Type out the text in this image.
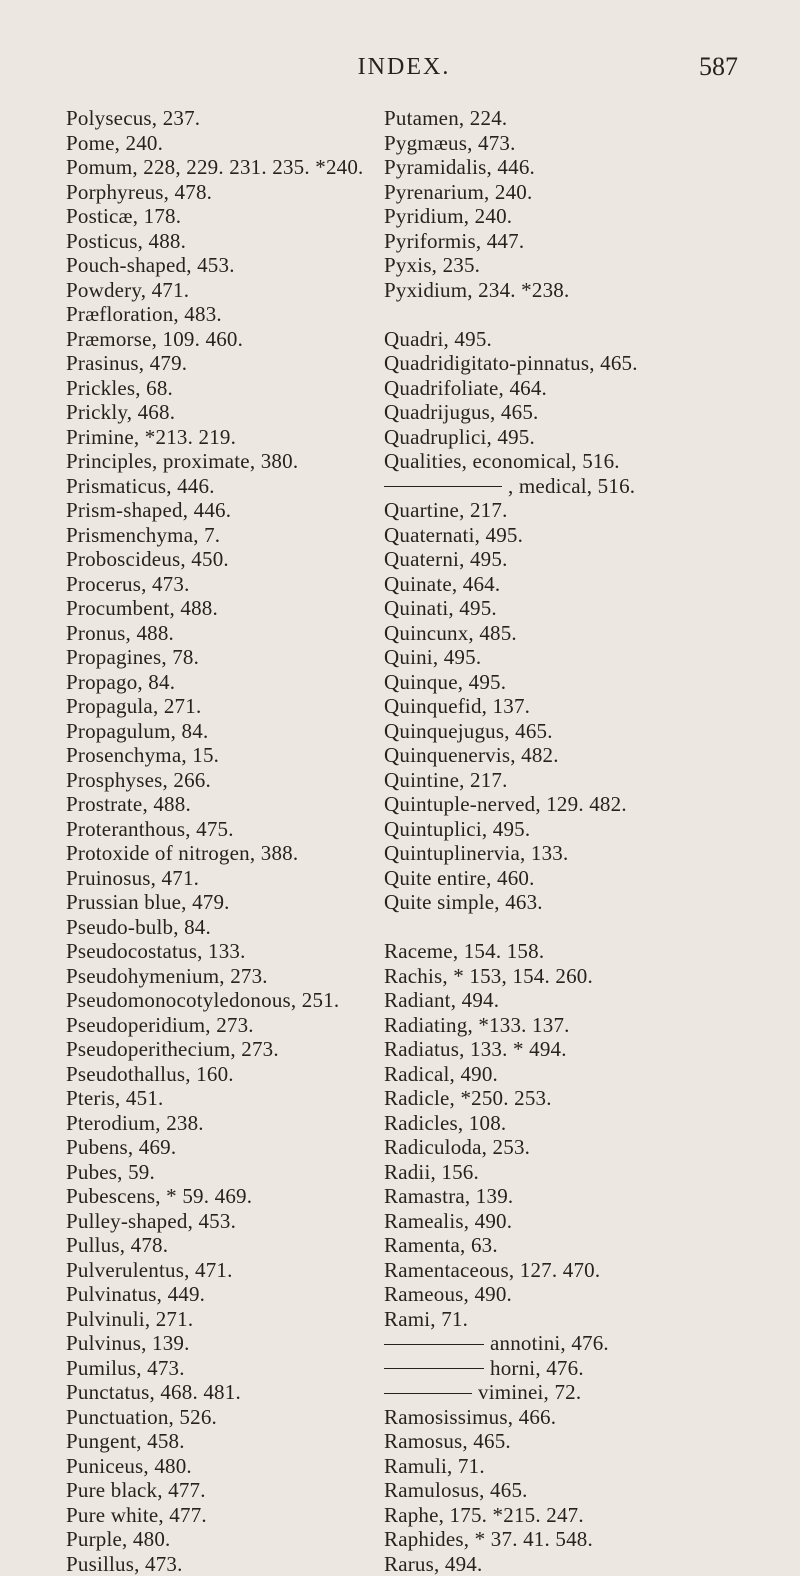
INDEX.	587
Polysecus, 237.
Pome, 240.
Pomum, 228, 229. 231. 235. *240.
Porphyreus, 478.
Posticæ, 178.
Posticus, 488.
Pouch-shaped, 453.
Powdery, 471.
Præfloration, 483.
Præmorse, 109. 460.
Prasinus, 479.
Prickles, 68.
Prickly, 468.
Primine, *213. 219.
Principles, proximate, 380.
Prismaticus, 446.
Prism-shaped, 446.
Prismenchyma, 7.
Proboscideus, 450.
Procerus, 473.
Procumbent, 488.
Pronus, 488.
Propagines, 78.
Propago, 84.
Propagula, 271.
Propagulum, 84.
Prosenchyma, 15.
Prosphyses, 266.
Prostrate, 488.
Proteranthous, 475.
Protoxide of nitrogen, 388.
Pruinosus, 471.
Prussian blue, 479.
Pseudo-bulb, 84.
Pseudocostatus, 133.
Pseudohymenium, 273.
Pseudomonocotyledonous, 251.
Pseudoperidium, 273.
Pseudoperithecium, 273.
Pseudothallus, 160.
Pteris, 451.
Pterodium, 238.
Pubens, 469.
Pubes, 59.
Pubescens, * 59. 469.
Pulley-shaped, 453.
Pullus, 478.
Pulverulentus, 471.
Pulvinatus, 449.
Pulvinuli, 271.
Pulvinus, 139.
Pumilus, 473.
Punctatus, 468. 481.
Punctuation, 526.
Pungent, 458.
Puniceus, 480.
Pure black, 477.
Pure white, 477.
Purple, 480.
Pusillus, 473.
Putamen, 224.
Pygmæus, 473.
Pyramidalis, 446.
Pyrenarium, 240.
Pyridium, 240.
Pyriformis, 447.
Pyxis, 235.
Pyxidium, 234. *238.
Quadri, 495.
Quadridigitato-pinnatus, 465.
Quadrifoliate, 464.
Quadrijugus, 465.
Quadruplici, 495.
Qualities, economical, 516.
, medical, 516.
Quartine, 217.
Quaternati, 495.
Quaterni, 495.
Quinate, 464.
Quinati, 495.
Quincunx, 485.
Quini, 495.
Quinque, 495.
Quinquefid, 137.
Quinquejugus, 465.
Quinquenervis, 482.
Quintine, 217.
Quintuple-nerved, 129. 482.
Quintuplici, 495.
Quintuplinervia, 133.
Quite entire, 460.
Quite simple, 463.
Raceme, 154. 158.
Rachis, * 153, 154. 260.
Radiant, 494.
Radiating, *133. 137.
Radiatus, 133. * 494.
Radical, 490.
Radicle, *250. 253.
Radicles, 108.
Radiculoda, 253.
Radii, 156.
Ramastra, 139.
Ramealis, 490.
Ramenta, 63.
Ramentaceous, 127. 470.
Rameous, 490.
Rami, 71.
annotini, 476.
horni, 476.
viminei, 72.
Ramosissimus, 466.
Ramosus, 465.
Ramuli, 71.
Ramulosus, 465.
Raphe, 175. *215. 247.
Raphides, * 37. 41. 548.
Rarus, 494.
